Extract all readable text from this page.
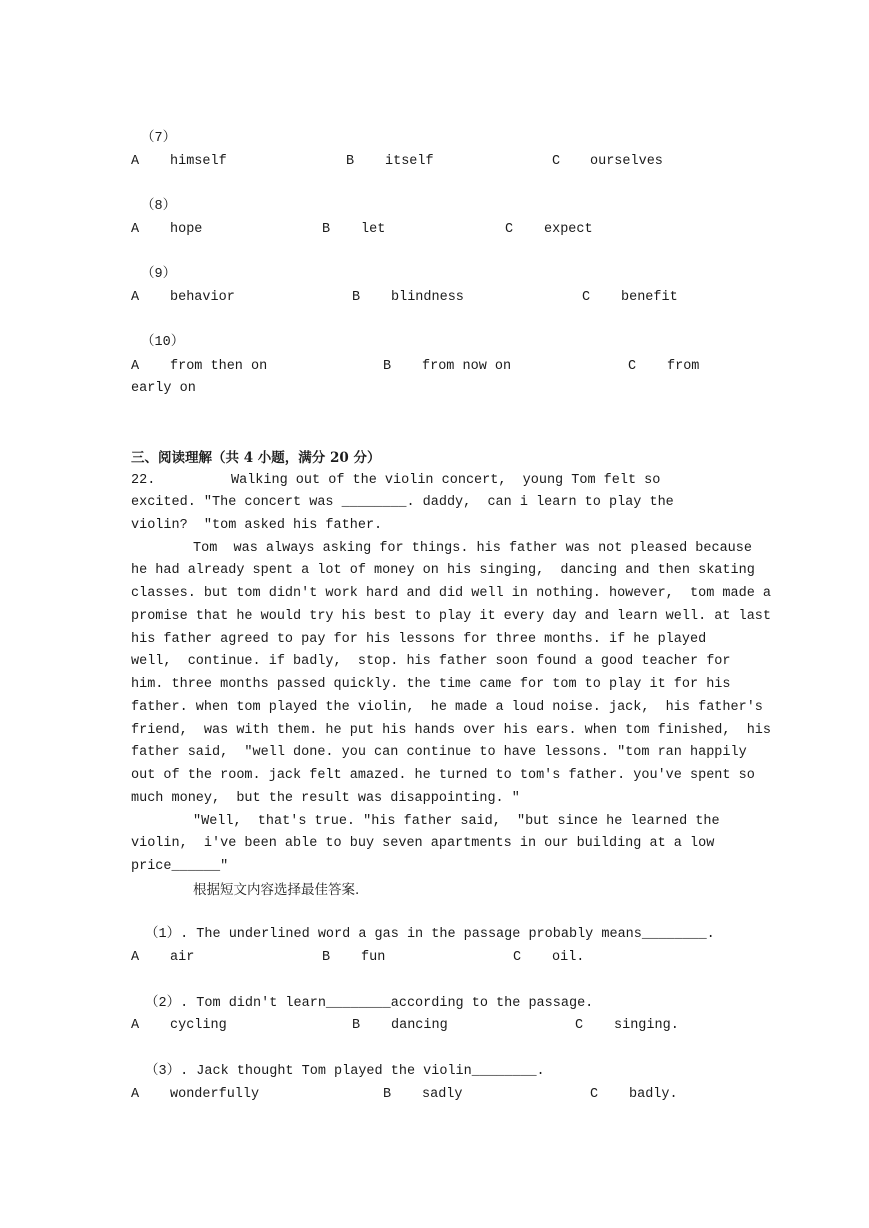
（7）
A himself	B itself	C ourselves
（8）
A hope	B let	C expect
（9）
A behavior	B blindness	C benefit
（10）
A from then on	B from now on	C from
early on
三、阅读理解（共 4 小题，满分 20 分）
22.	Walking out of the violin concert,  young Tom felt so
excited. "The concert was ________. daddy,  can i learn to play the
violin?  "tom asked his father.
Tom  was always asking for things. his father was not pleased because
he had already spent a lot of money on his singing,  dancing and then skating
classes. but tom didn't work hard and did well in nothing. however,  tom made a
promise that he would try his best to play it every day and learn well. at last
his father agreed to pay for his lessons for three months. if he played
well,  continue. if badly,  stop. his father soon found a good teacher for
him. three months passed quickly. the time came for tom to play it for his
father. when tom played the violin,  he made a loud noise. jack,  his father's
friend,  was with them. he put his hands over his ears. when tom finished,  his
father said,  "well done. you can continue to have lessons. "tom ran happily
out of the room. jack felt amazed. he turned to tom's father. you've spent so
much money,  but the result was disappointing. "
"Well,  that's true. "his father said,  "but since he learned the
violin,  i've been able to buy seven apartments in our building at a low
price______"
根据短文内容选择最佳答案.
（1）. The underlined word a gas in the passage probably means________.
A air	B fun	C oil.
（2）. Tom didn't learn________according to the passage.
A cycling	B dancing	C singing.
（3）. Jack thought Tom played the violin________.
A wonderfully	B sadly	C badly.
